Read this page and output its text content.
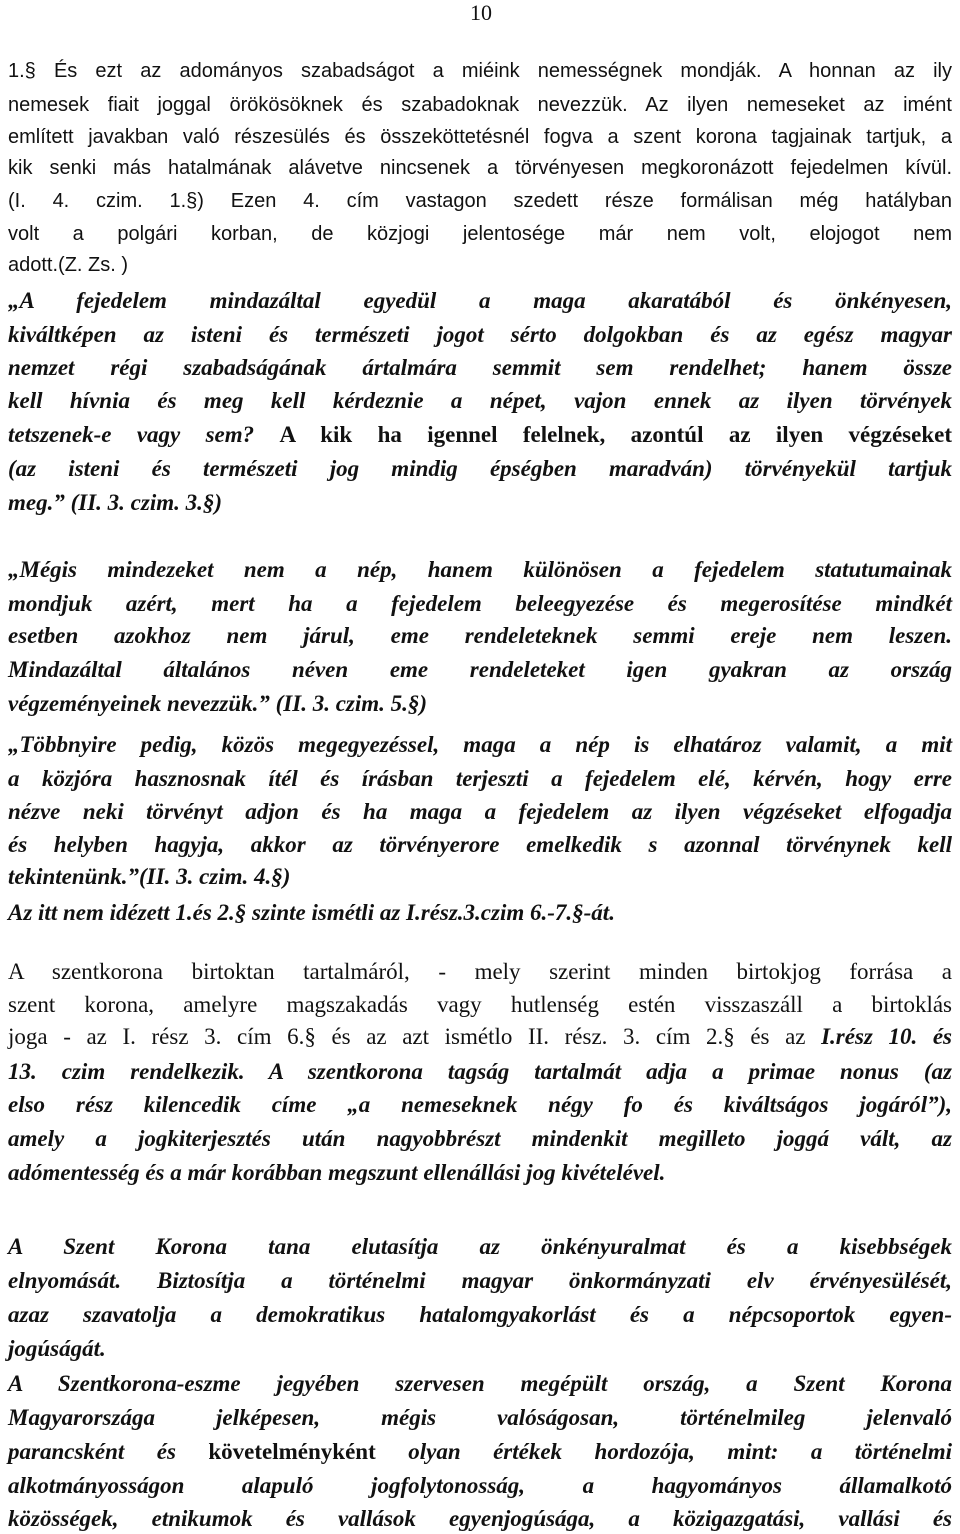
10
1.§ És ezt az adományos szabadságot a miéink nemességnek mondják. A honnan az ily
nemesek fiait joggal örökösöknek és szabadoknak nevezzük. Az ilyen nemeseket az imént
említett javakban való részesülés és összeköttetésnél fogva a szent korona tagjainak tartjuk, a
kik senki más hatalmának alávetve nincsenek a törvényesen megkoronázott fejedelmen kívül.
(I. 4. czim. 1.§) Ezen 4. cím vastagon szedett része formálisan még hatályban
volt a polgári korban, de közjogi jelentosége már nem volt, elojogot nem
adott.(Z. Zs. )
„A fejedelem mindazáltal egyedül a maga akaratából és önkényesen,
kiváltképen az isteni és természeti jogot sérto dolgokban és az egész magyar
nemzet régi szabadságának ártalmára semmit sem rendelhet; hanem össze
kell hívnia és meg kell kérdeznie a népet, vajon ennek az ilyen törvények
tetszenek-e vagy sem? A kik ha igennel felelnek, azontúl az ilyen végzéseket
(az isteni és természeti jog mindig épségben maradván) törvényekül tartjuk
meg.” (II. 3. czim. 3.§)
„Mégis mindezeket nem a nép, hanem különösen a fejedelem statutumainak
mondjuk azért, mert ha a fejedelem beleegyezése és megerosítése mindkét
esetben azokhoz nem járul, eme rendeleteknek semmi ereje nem leszen.
Mindazáltal általános néven eme rendeleteket igen gyakran az ország
végzeményeinek nevezzük.” (II. 3. czim. 5.§)
„Többnyire pedig, közös megegyezéssel, maga a nép is elhatároz valamit, a mit
a közjóra hasznosnak ítél és írásban terjeszti a fejedelem elé, kérvén, hogy erre
nézve neki törvényt adjon és ha maga a fejedelem az ilyen végzéseket elfogadja
és helyben hagyja, akkor az törvényerore emelkedik s azonnal törvénynek kell
tekintenünk.”(II. 3. czim. 4.§)
Az itt nem idézett 1.és 2.§ szinte ismétli az I.rész.3.czim 6.-7.§-át.
A szentkorona birtoktan tartalmáról, - mely szerint minden birtokjog forrása a
szent korona, amelyre magszakadás vagy hutlenség estén visszaszáll a birtoklás
joga - az I. rész 3. cím 6.§ és az azt ismétlo II. rész. 3. cím 2.§ és az I.rész 10. és
13. czim rendelkezik. A szentkorona tagság tartalmát adja a primae nonus (az
elso rész kilencedik címe „a nemeseknek négy fo és kiváltságos jogáról”),
amely a jogkiterjesztés után nagyobbrészt mindenkit megilleto joggá vált, az
adómentesség és a már korábban megszunt ellenállási jog kivételével.
A Szent Korona tana elutasítja az önkényuralmat és a kisebbségek
elnyomását. Biztosítja a történelmi magyar önkormányzati elv érvényesülését,
azaz szavatolja a demokratikus hatalomgyakorlást és a népcsoportok egyen-
jogúságát.
A Szentkorona-eszme jegyében szervesen megépült ország, a Szent Korona
Magyarországa jelképesen, mégis valóságosan, történelmileg jelenvaló
parancsként és követelményként olyan értékek hordozója, mint: a történelmi
alkotmányosságon alapuló jogfolytonosság, a hagyományos államalkotó
közösségek, etnikumok és vallások egyenjogúsága, a közigazgatási, vallási és
